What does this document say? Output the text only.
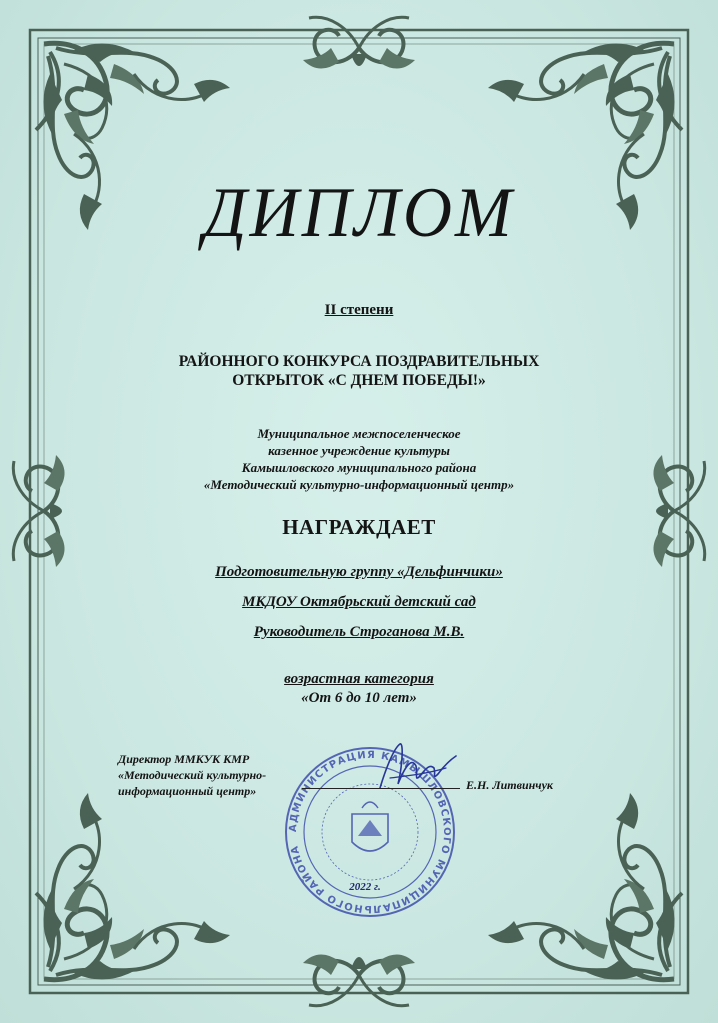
ДИПЛОМ
II степени
РАЙОННОГО КОНКУРСА ПОЗДРАВИТЕЛЬНЫХ
ОТКРЫТОК «С ДНЕМ ПОБЕДЫ!»
Муниципальное межпоселенческое
казенное учреждение культуры
Камышловского муниципального района
«Методический культурно-информационный центр»
НАГРАЖДАЕТ
Подготовительную группу «Дельфинчики»
МКДОУ Октябрьский детский сад
Руководитель Строганова М.В.
возрастная категория
«От 6 до 10 лет»
АДМИНИСТРАЦИЯ КАМЫШЛОВСКОГО МУНИЦИПАЛЬНОГО РАЙОНА
Директор ММКУК КМР
«Методический культурно-
информационный центр»	Е.Н. Литвинчук
2022 г.
